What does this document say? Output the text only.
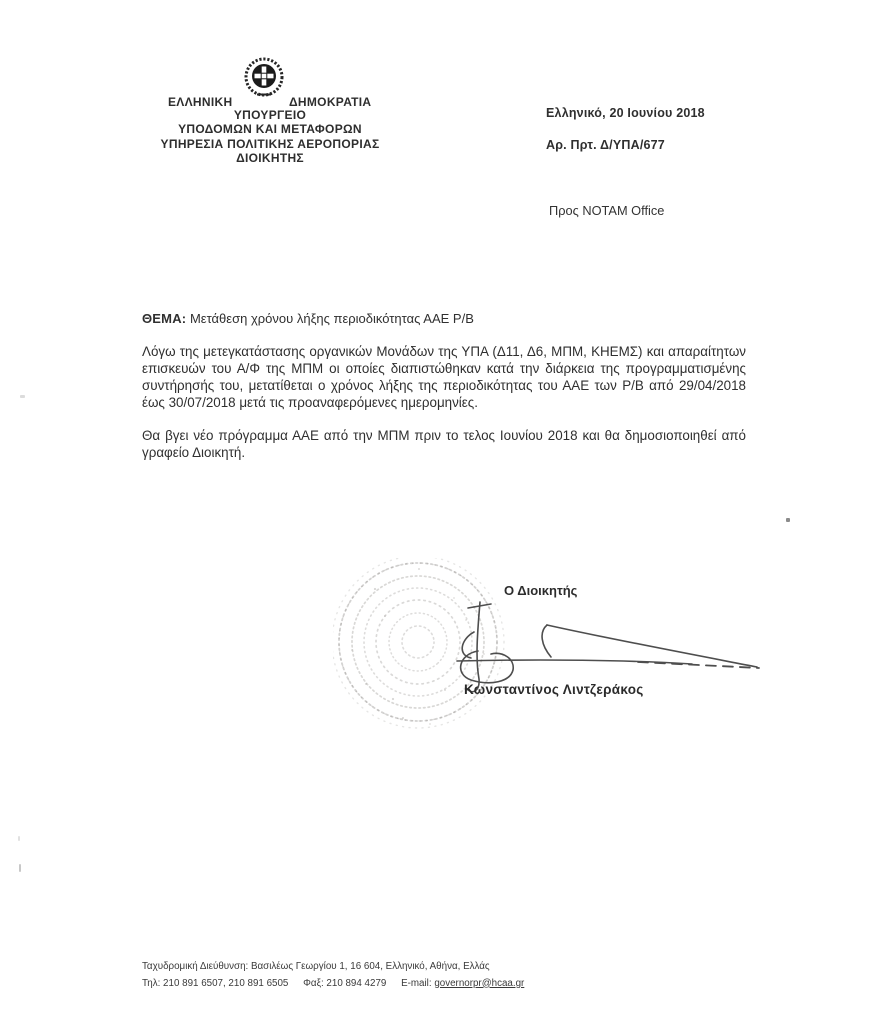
ΕΛΛΗΝΙΚΗ	ΔΗΜΟΚΡΑΤΙΑ
ΥΠΟΥΡΓΕΙΟ
ΥΠΟΔΟΜΩΝ ΚΑΙ ΜΕΤΑΦΟΡΩΝ
ΥΠΗΡΕΣΙΑ ΠΟΛΙΤΙΚΗΣ ΑΕΡΟΠΟΡΙΑΣ
ΔΙΟΙΚΗΤΗΣ
Ελληνικό, 20 Ιουνίου 2018
Αρ. Πρτ. Δ/ΥΠΑ/677
Προς NOTAM Office
ΘΕΜΑ: Μετάθεση χρόνου λήξης περιοδικότητας ΑΑΕ Ρ/Β
Λόγω της μετεγκατάστασης οργανικών Μονάδων της ΥΠΑ (Δ11, Δ6, ΜΠΜ, ΚΗΕΜΣ) και απαραίτητων επισκευών του Α/Φ της ΜΠΜ οι οποίες διαπιστώθηκαν κατά την διάρκεια της προγραμματισμένης συντήρησής του, μετατίθεται ο χρόνος λήξης της περιοδικότητας του ΑΑΕ των Ρ/Β από 29/04/2018 έως 30/07/2018 μετά τις προαναφερόμενες ημερομηνίες.
Θα βγει νέο πρόγραμμα ΑΑΕ από την ΜΠΜ πριν το τελος Ιουνίου 2018 και θα δημοσιοποιηθεί από γραφείο Διοικητή.
Ο Διοικητής
Κωνσταντίνος Λιντζεράκος
Ταχυδρομική Διεύθυνση: Βασιλέως Γεωργίου 1, 16 604, Ελληνικό, Αθήνα, Ελλάς
Τηλ: 210 891 6507, 210 891 6505 Φαξ: 210 894 4279 E-mail: governorpr@hcaa.gr
